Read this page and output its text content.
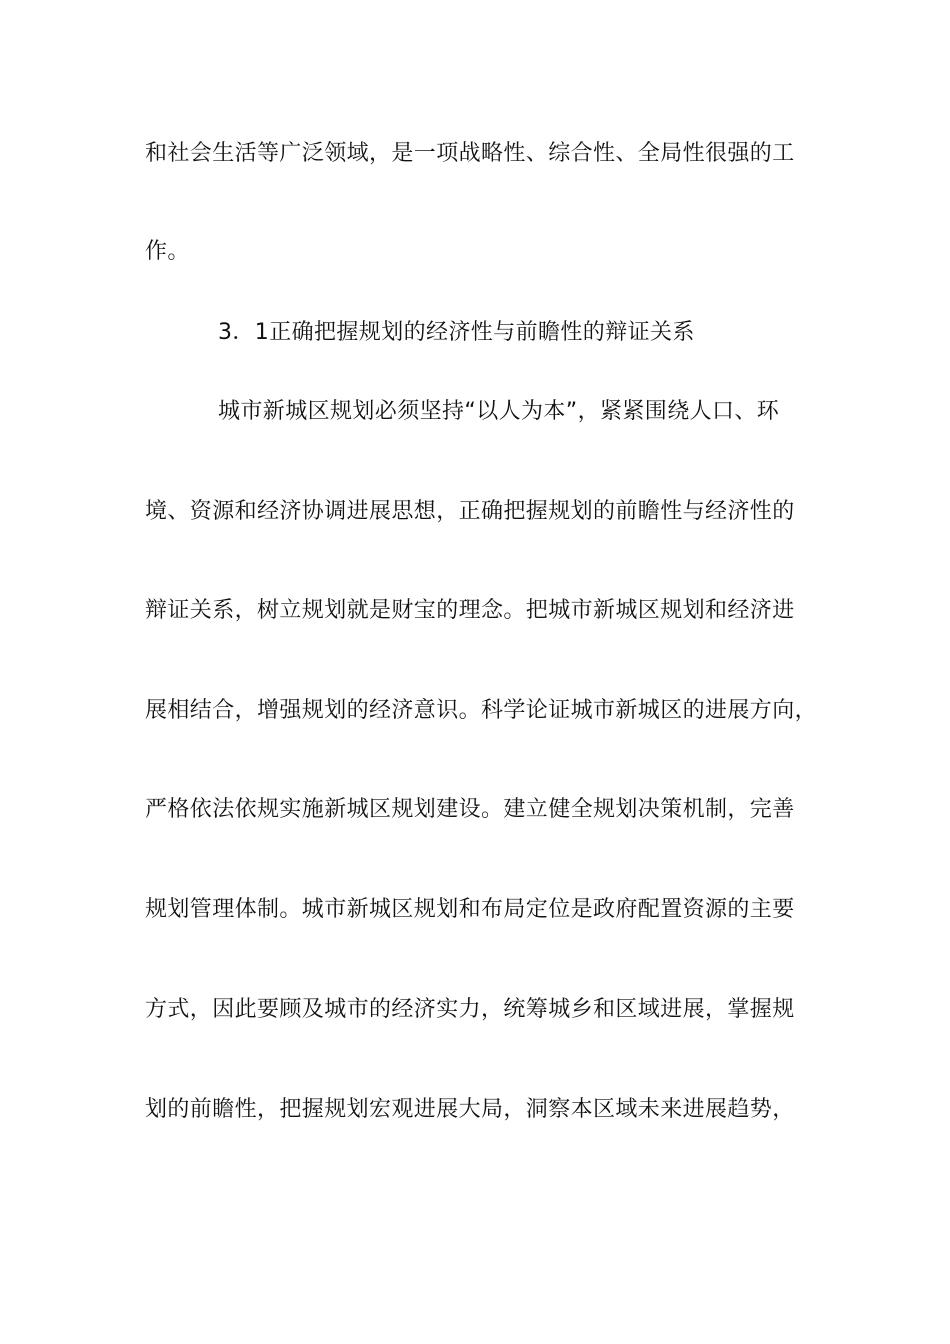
和社会生活等广泛领域，是一项战略性、综合性、全局性很强的工
作。
3．1正确把握规划的经济性与前瞻性的辩证关系
城市新城区规划必须坚持“以人为本”，紧紧围绕人口、环
境、资源和经济协调进展思想，正确把握规划的前瞻性与经济性的
辩证关系，树立规划就是财宝的理念。把城市新城区规划和经济进
展相结合，增强规划的经济意识。科学论证城市新城区的进展方向，
严格依法依规实施新城区规划建设。建立健全规划决策机制，完善
规划管理体制。城市新城区规划和布局定位是政府配置资源的主要
方式，因此要顾及城市的经济实力，统筹城乡和区域进展，掌握规
划的前瞻性，把握规划宏观进展大局，洞察本区域未来进展趋势，
